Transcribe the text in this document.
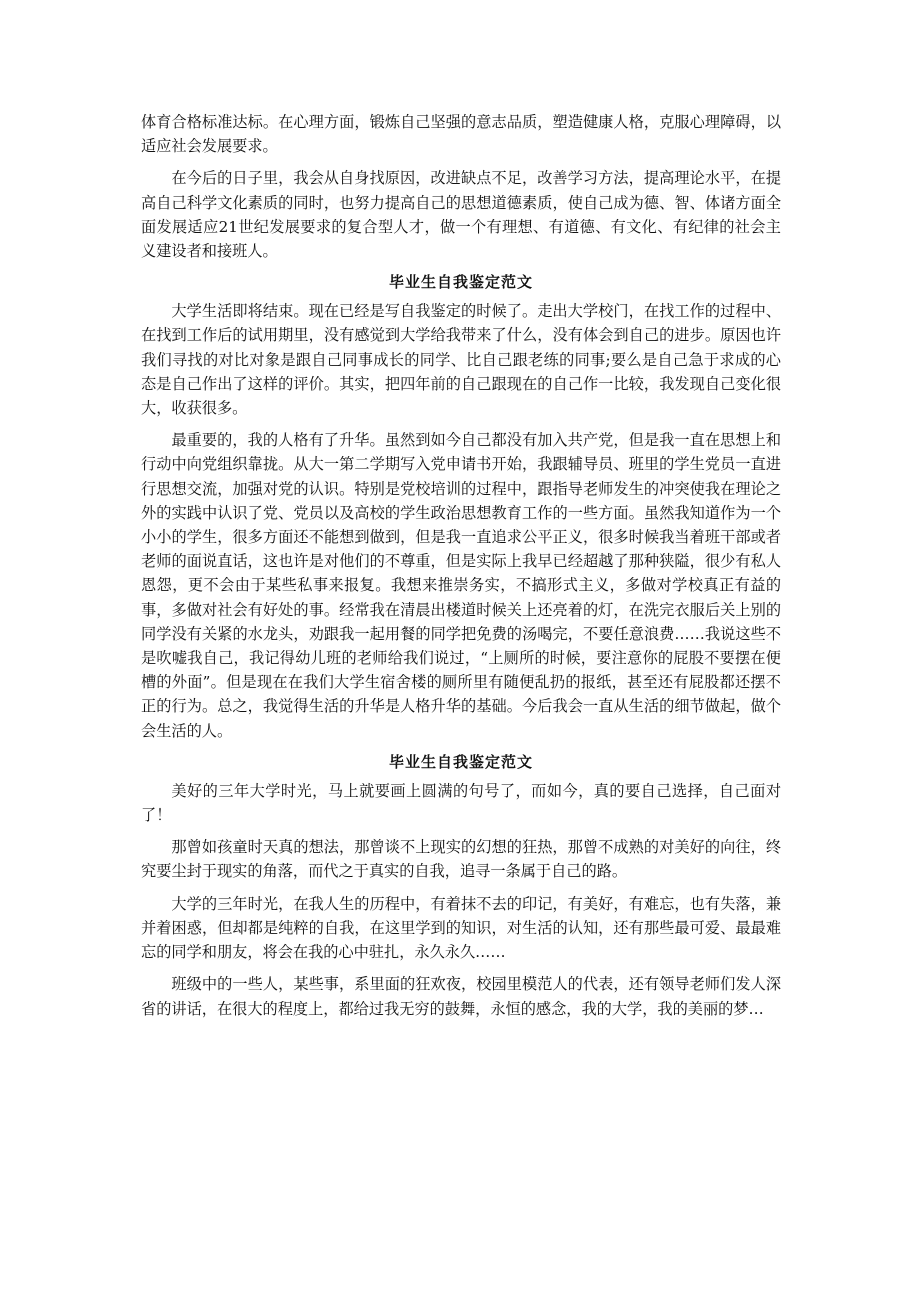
体育合格标准达标。在心理方面，锻炼自己坚强的意志品质，塑造健康人格，克服心理障碍，以适应社会发展要求。

在今后的日子里，我会从自身找原因，改进缺点不足，改善学习方法，提高理论水平，在提高自己科学文化素质的同时，也努力提高自己的思想道德素质，使自己成为德、智、体诸方面全面发展适应21世纪发展要求的复合型人才，做一个有理想、有道德、有文化、有纪律的社会主义建设者和接班人。

毕业生自我鉴定范文

大学生活即将结束。现在已经是写自我鉴定的时候了。走出大学校门，在找工作的过程中、在找到工作后的试用期里，没有感觉到大学给我带来了什么，没有体会到自己的进步。原因也许我们寻找的对比对象是跟自己同事成长的同学、比自己跟老练的同事;要么是自己急于求成的心态是自己作出了这样的评价。其实，把四年前的自己跟现在的自己作一比较，我发现自己变化很大，收获很多。

最重要的，我的人格有了升华。虽然到如今自己都没有加入共产党，但是我一直在思想上和行动中向党组织靠拢。从大一第二学期写入党申请书开始，我跟辅导员、班里的学生党员一直进行思想交流，加强对党的认识。特别是党校培训的过程中，跟指导老师发生的冲突使我在理论之外的实践中认识了党、党员以及高校的学生政治思想教育工作的一些方面。虽然我知道作为一个小小的学生，很多方面还不能想到做到，但是我一直追求公平正义，很多时候我当着班干部或者老师的面说直话，这也许是对他们的不尊重，但是实际上我早已经超越了那种狭隘，很少有私人恩怨，更不会由于某些私事来报复。我想来推崇务实，不搞形式主义，多做对学校真正有益的事，多做对社会有好处的事。经常我在清晨出楼道时候关上还亮着的灯，在洗完衣服后关上别的同学没有关紧的水龙头，劝跟我一起用餐的同学把免费的汤喝完，不要任意浪费……我说这些不是吹嘘我自己，我记得幼儿班的老师给我们说过，“上厕所的时候，要注意你的屁股不要摆在便槽的外面”。但是现在在我们大学生宿舍楼的厕所里有随便乱扔的报纸，甚至还有屁股都还摆不正的行为。总之，我觉得生活的升华是人格升华的基础。今后我会一直从生活的细节做起，做个会生活的人。

毕业生自我鉴定范文

美好的三年大学时光，马上就要画上圆满的句号了，而如今，真的要自己选择，自己面对了！

那曾如孩童时天真的想法，那曾谈不上现实的幻想的狂热，那曾不成熟的对美好的向往，终究要尘封于现实的角落，而代之于真实的自我，追寻一条属于自己的路。

大学的三年时光，在我人生的历程中，有着抹不去的印记，有美好，有难忘，也有失落，兼并着困惑，但却都是纯粹的自我，在这里学到的知识，对生活的认知，还有那些最可爱、最最难忘的同学和朋友，将会在我的心中驻扎，永久永久……

班级中的一些人，某些事，系里面的狂欢夜，校园里模范人的代表，还有领导老师们发人深省的讲话，在很大的程度上，都给过我无穷的鼓舞，永恒的感念，我的大学，我的美丽的梦…
